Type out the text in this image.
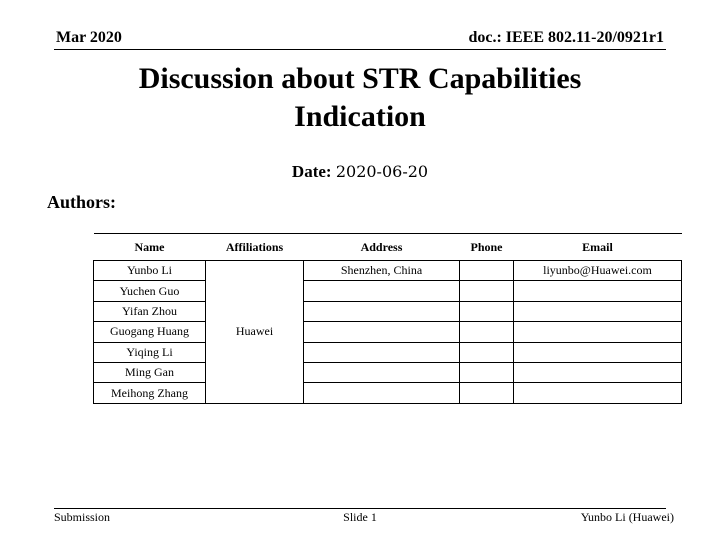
Mar 2020	doc.: IEEE 802.11-20/0921r1
Discussion about STR Capabilities
Indication
Date: 2020-06-20
Authors:
Name	Affiliations	Address	Phone	Email
Yunbo Li	Huawei	Shenzhen, China		liyunbo@Huawei.com
Yuchen Guo				
Yifan Zhou				
Guogang Huang				
Yiqing Li				
Ming Gan				
Meihong Zhang				
Submission	Slide 1	Yunbo Li (Huawei)
